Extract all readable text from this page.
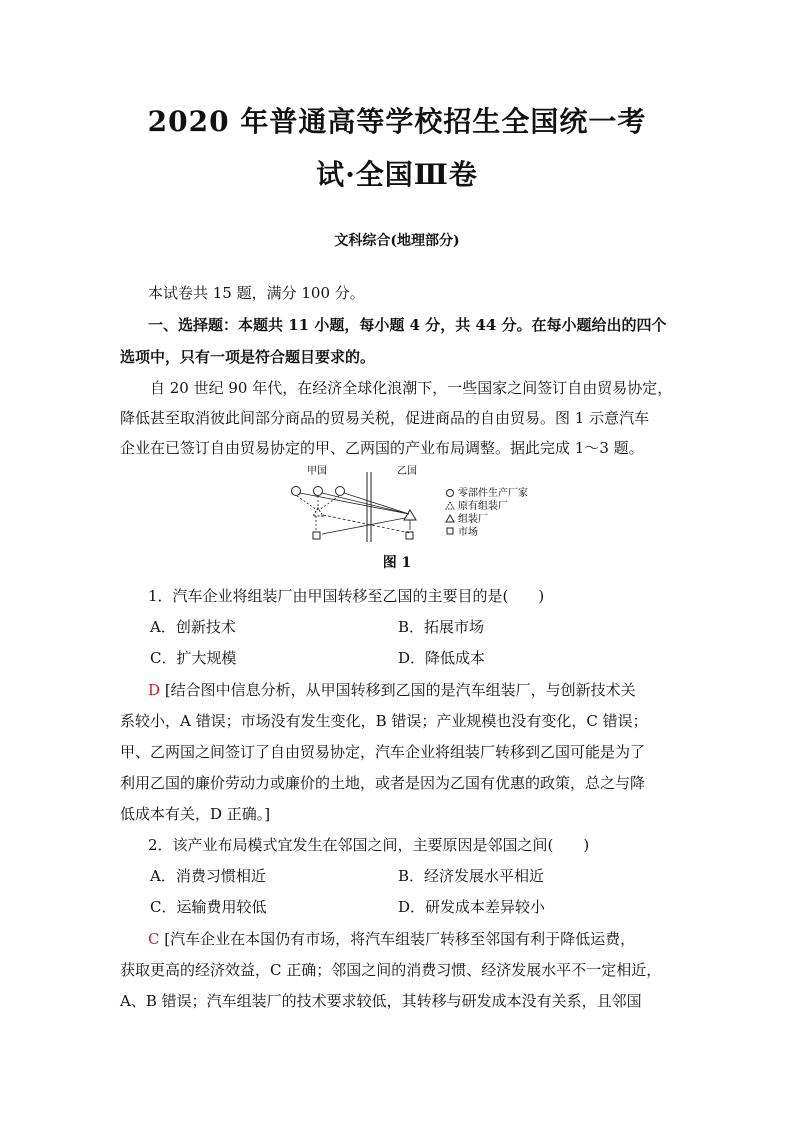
2020 年普通高等学校招生全国统一考
试·全国Ⅲ卷
文科综合(地理部分)
本试卷共 15 题，满分 100 分。
一、选择题：本题共 11 小题，每小题 4 分，共 44 分。在每小题给出的四个
选项中，只有一项是符合题目要求的。
自 20 世纪 90 年代，在经济全球化浪潮下，一些国家之间签订自由贸易协定，
降低甚至取消彼此间部分商品的贸易关税，促进商品的自由贸易。图 1 示意汽车
企业在已签订自由贸易协定的甲、乙两国的产业布局调整。据此完成 1～3 题。
甲国	乙国
零部件生产厂家
原有组装厂
组装厂
市场
图 1
1．汽车企业将组装厂由甲国转移至乙国的主要目的是(　　)
A．创新技术	B．拓展市场
C．扩大规模	D．降低成本
D [结合图中信息分析，从甲国转移到乙国的是汽车组装厂，与创新技术关
系较小，A 错误；市场没有发生变化，B 错误；产业规模也没有变化，C 错误；
甲、乙两国之间签订了自由贸易协定，汽车企业将组装厂转移到乙国可能是为了
利用乙国的廉价劳动力或廉价的土地，或者是因为乙国有优惠的政策，总之与降
低成本有关，D 正确。]
2．该产业布局模式宜发生在邻国之间，主要原因是邻国之间(　　)
A．消费习惯相近	B．经济发展水平相近
C．运输费用较低	D．研发成本差异较小
C [汽车企业在本国仍有市场，将汽车组装厂转移至邻国有利于降低运费，
获取更高的经济效益，C 正确；邻国之间的消费习惯、经济发展水平不一定相近，
A、B 错误；汽车组装厂的技术要求较低，其转移与研发成本没有关系，且邻国
